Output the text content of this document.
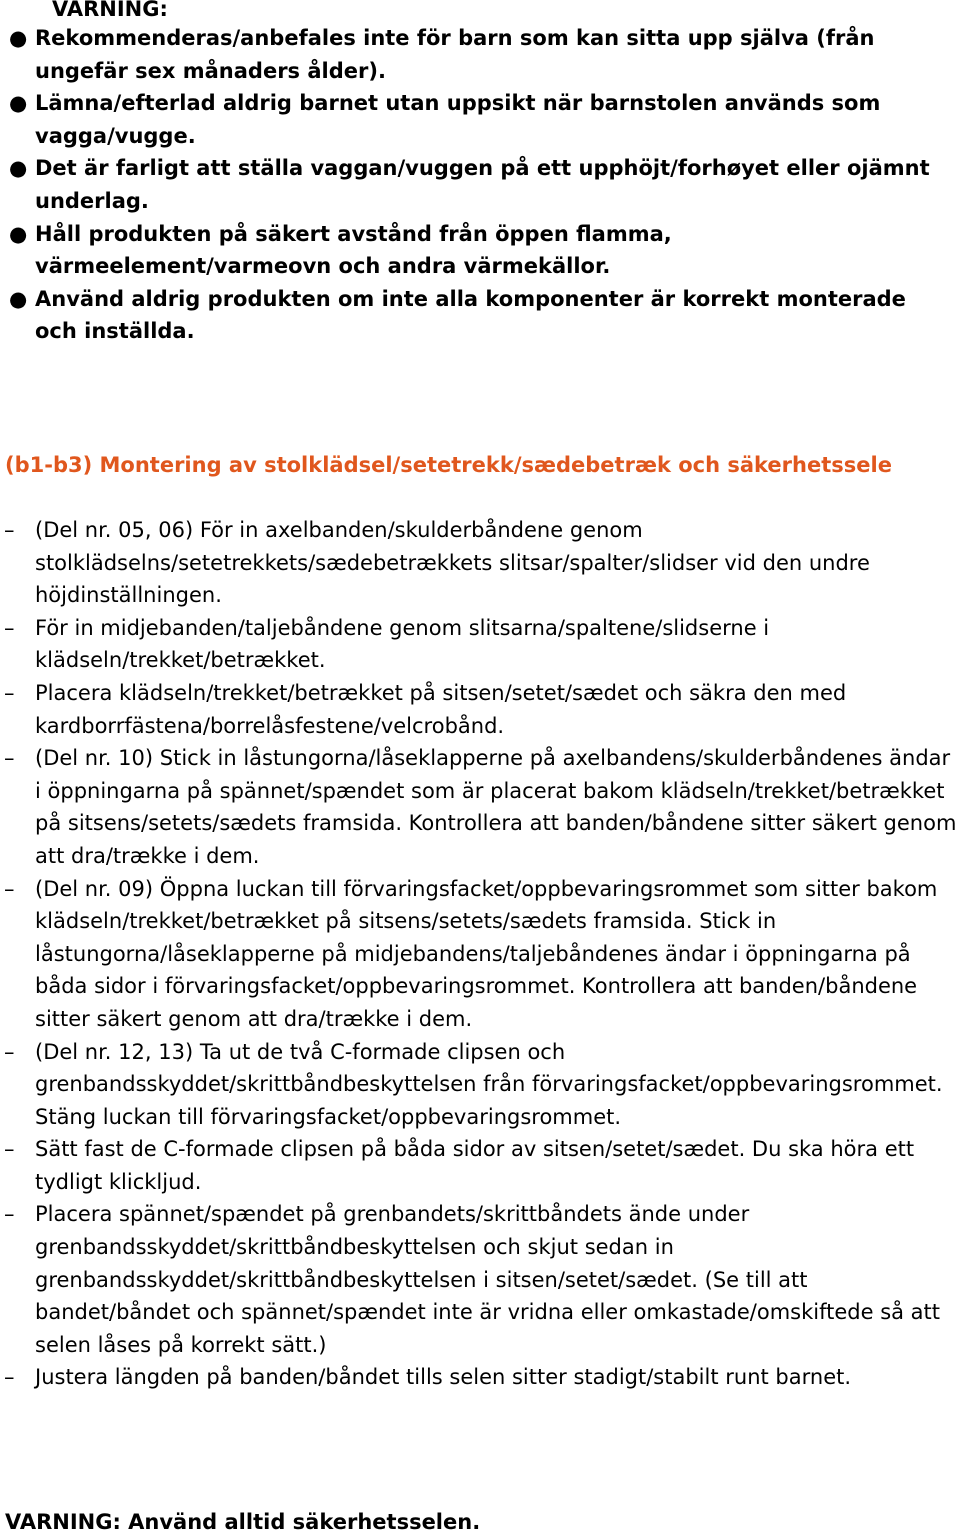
VARNING:
● Rekommenderas/anbefales inte för barn som kan sitta upp själva (från ungefär sex månaders ålder).
● Lämna/efterlad aldrig barnet utan uppsikt när barnstolen används som vagga/vugge.
● Det är farligt att ställa vaggan/vuggen på ett upphöjt/forhøyet eller ojämnt underlag.
● Håll produkten på säkert avstånd från öppen flamma, värmeelement/varmeovn och andra värmekällor.
● Använd aldrig produkten om inte alla komponenter är korrekt monterade och inställda.
(b1-b3) Montering av stolklädsel/setetrekk/sædebetræk och säkerhetssele
– (Del nr. 05, 06) För in axelbanden/skulderbåndene genom stolklädselns/setetrekkets/sædebetrækkets slitsar/spalter/slidser vid den undre höjdinställningen.
– För in midjebanden/taljebåndene genom slitsarna/spaltene/slidserne i klädseln/trekket/betrækket.
– Placera klädseln/trekket/betrækket på sitsen/setet/sædet och säkra den med kardborrfästena/borrelåsfestene/velcrobånd.
– (Del nr. 10) Stick in låstungorna/låseklapperne på axelbandens/skulderbåndenes ändar i öppningarna på spännet/spændet som är placerat bakom klädseln/trekket/betrækket på sitsens/setets/sædets framsida. Kontrollera att banden/båndene sitter säkert genom att dra/trække i dem.
– (Del nr. 09) Öppna luckan till förvaringsfacket/oppbevaringsrommet som sitter bakom klädseln/trekket/betrækket på sitsens/setets/sædets framsida. Stick in låstungorna/låseklapperne på midjebandens/taljebåndenes ändar i öppningarna på båda sidor i förvaringsfacket/oppbevaringsrommet. Kontrollera att banden/båndene sitter säkert genom att dra/trække i dem.
– (Del nr. 12, 13) Ta ut de två C-formade clipsen och grenbandsskyddet/skrittbåndbeskyttelsen från förvaringsfacket/oppbevaringsrommet. Stäng luckan till förvaringsfacket/oppbevaringsrommet.
– Sätt fast de C-formade clipsen på båda sidor av sitsen/setet/sædet. Du ska höra ett tydligt klickljud.
– Placera spännet/spændet på grenbandets/skrittbåndets ände under grenbandsskyddet/skrittbåndbeskyttelsen och skjut sedan in grenbandsskyddet/skrittbåndbeskyttelsen i sitsen/setet/sædet. (Se till att bandet/båndet och spännet/spændet inte är vridna eller omkastade/omskiftede så att selen låses på korrekt sätt.)
– Justera längden på banden/båndet tills selen sitter stadigt/stabilt runt barnet.
VARNING: Använd alltid säkerhetsselen.
